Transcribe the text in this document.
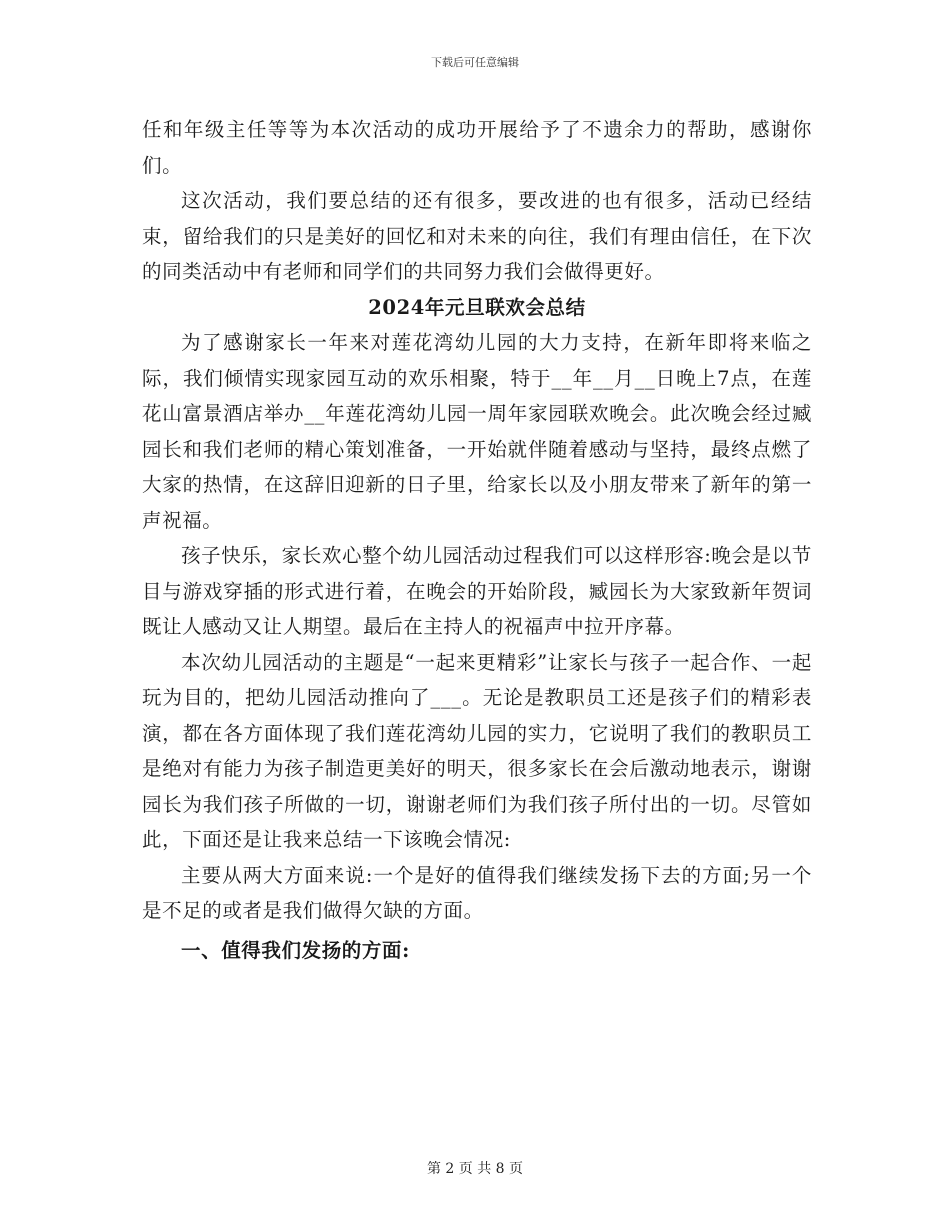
下载后可任意编辑

任和年级主任等等为本次活动的成功开展给予了不遗余力的帮助，感谢你们。

这次活动，我们要总结的还有很多，要改进的也有很多，活动已经结束，留给我们的只是美好的回忆和对未来的向往，我们有理由信任，在下次的同类活动中有老师和同学们的共同努力我们会做得更好。

2024年元旦联欢会总结

为了感谢家长一年来对莲花湾幼儿园的大力支持，在新年即将来临之际，我们倾情实现家园互动的欢乐相聚，特于__年__月__日晚上7点，在莲花山富景酒店举办__年莲花湾幼儿园一周年家园联欢晚会。此次晚会经过臧园长和我们老师的精心策划准备，一开始就伴随着感动与坚持，最终点燃了大家的热情，在这辞旧迎新的日子里，给家长以及小朋友带来了新年的第一声祝福。

孩子快乐，家长欢心整个幼儿园活动过程我们可以这样形容:晚会是以节目与游戏穿插的形式进行着，在晚会的开始阶段，臧园长为大家致新年贺词既让人感动又让人期望。最后在主持人的祝福声中拉开序幕。

本次幼儿园活动的主题是“一起来更精彩”让家长与孩子一起合作、一起玩为目的，把幼儿园活动推向了___。无论是教职员工还是孩子们的精彩表演，都在各方面体现了我们莲花湾幼儿园的实力，它说明了我们的教职员工是绝对有能力为孩子制造更美好的明天，很多家长在会后激动地表示，谢谢园长为我们孩子所做的一切，谢谢老师们为我们孩子所付出的一切。尽管如此，下面还是让我来总结一下该晚会情况:

主要从两大方面来说:一个是好的值得我们继续发扬下去的方面;另一个是不足的或者是我们做得欠缺的方面。

一、值得我们发扬的方面:
第 2 页 共 8 页
